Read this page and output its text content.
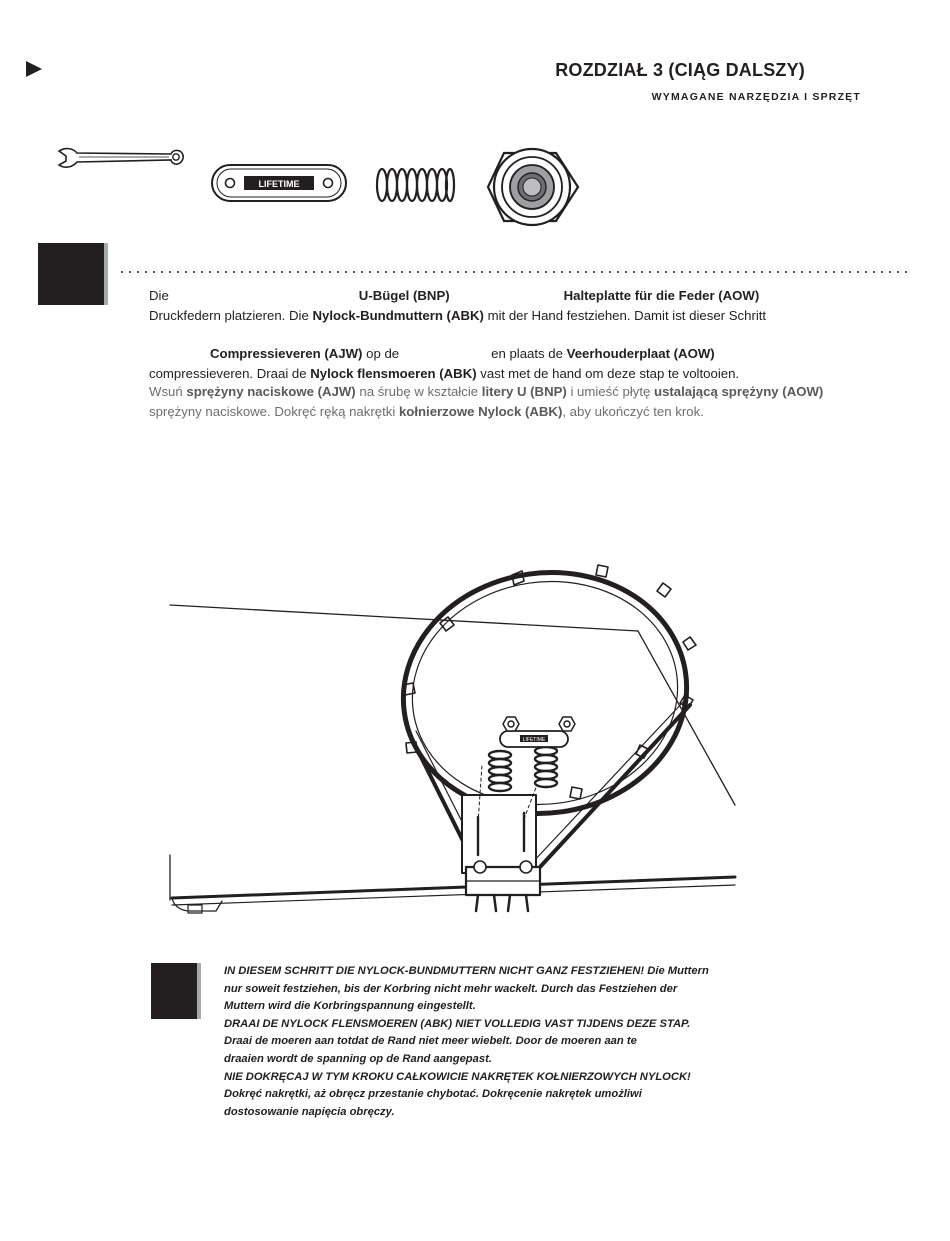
ROZDZIAŁ 3 (CIĄG DALSZY)
WYMAGANE NARZĘDZIA I SPRZĘT
LIFETIME
Die	U-Bügel (BNP)	Halteplatte für die Feder (AOW)
Druckfedern platzieren. Die Nylock-Bundmuttern (ABK) mit der Hand festziehen. Damit ist dieser Schritt
Compressieveren (AJW) op de	en plaats de Veerhouderplaat (AOW)
compressieveren. Draai de Nylock flensmoeren (ABK) vast met de hand om deze stap te voltooien.
Wsuń sprężyny naciskowe (AJW) na śrubę w kształcie litery U (BNP) i umieść płytę ustalającą sprężyny (AOW)
sprężyny naciskowe. Dokręć ręką nakrętki kołnierzowe Nylock (ABK), aby ukończyć ten krok.
LIFETIME

IN DIESEM SCHRITT DIE NYLOCK-BUNDMUTTERN NICHT GANZ FESTZIEHEN! Die Muttern

nur soweit festziehen, bis der Korbring nicht mehr wackelt. Durch das Festziehen der

Muttern wird die Korbringspannung eingestellt.

DRAAI DE NYLOCK FLENSMOEREN (ABK) NIET VOLLEDIG VAST TIJDENS DEZE STAP.

Draai de moeren aan totdat de Rand niet meer wiebelt. Door de moeren aan te

draaien wordt de spanning op de Rand aangepast.

NIE DOKRĘCAJ W TYM KROKU CAŁKOWICIE NAKRĘTEK KOŁNIERZOWYCH NYLOCK!

Dokręć nakrętki, aż obręcz przestanie chybotać. Dokręcenie nakrętek umożliwi

dostosowanie napięcia obręczy.
